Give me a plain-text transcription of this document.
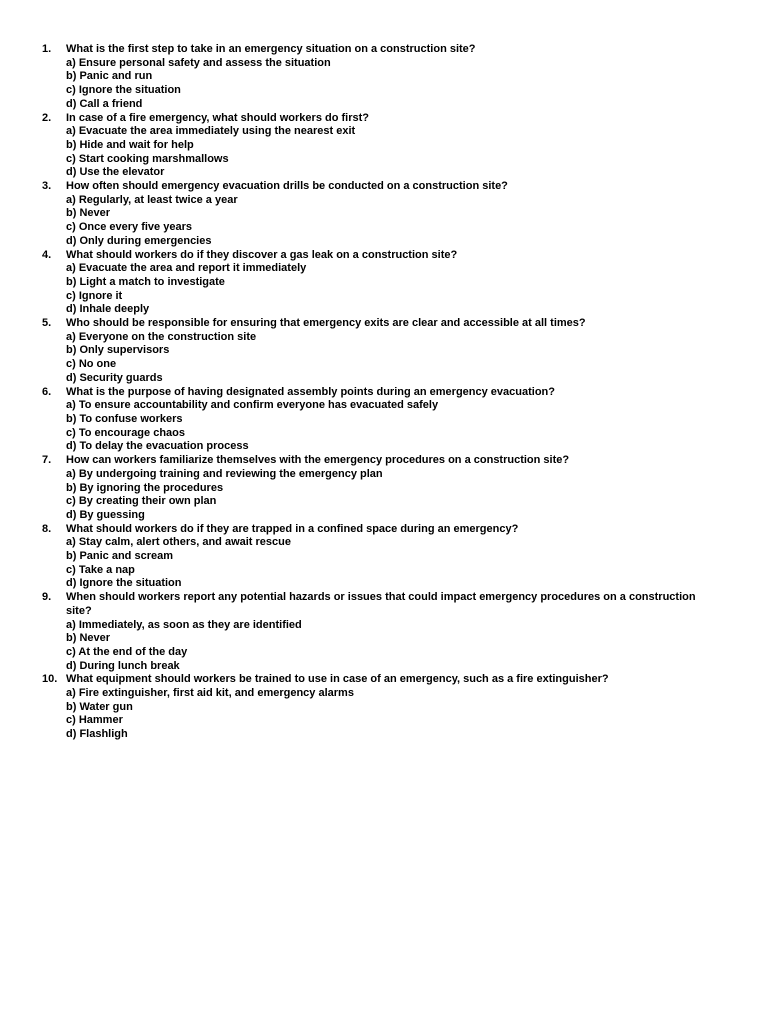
1.	What is the first step to take in an emergency situation on a construction site?
a) Ensure personal safety and assess the situation
b) Panic and run
c) Ignore the situation
d) Call a friend
2.	In case of a fire emergency, what should workers do first?
a) Evacuate the area immediately using the nearest exit
b) Hide and wait for help
c) Start cooking marshmallows
d) Use the elevator
3.	How often should emergency evacuation drills be conducted on a construction site?
a) Regularly, at least twice a year
b) Never
c) Once every five years
d) Only during emergencies
4.	What should workers do if they discover a gas leak on a construction site?
a) Evacuate the area and report it immediately
b) Light a match to investigate
c) Ignore it
d) Inhale deeply
5.	Who should be responsible for ensuring that emergency exits are clear and accessible at all times?
a) Everyone on the construction site
b) Only supervisors
c) No one
d) Security guards
6.	What is the purpose of having designated assembly points during an emergency evacuation?
a) To ensure accountability and confirm everyone has evacuated safely
b) To confuse workers
c) To encourage chaos
d) To delay the evacuation process
7.	How can workers familiarize themselves with the emergency procedures on a construction site?
a) By undergoing training and reviewing the emergency plan
b) By ignoring the procedures
c) By creating their own plan
d) By guessing
8.	What should workers do if they are trapped in a confined space during an emergency?
a) Stay calm, alert others, and await rescue
b) Panic and scream
c) Take a nap
d) Ignore the situation
9.	When should workers report any potential hazards or issues that could impact emergency procedures on a construction site?
a) Immediately, as soon as they are identified
b) Never
c) At the end of the day
d) During lunch break
10. What equipment should workers be trained to use in case of an emergency, such as a fire extinguisher?
a) Fire extinguisher, first aid kit, and emergency alarms
b) Water gun
c) Hammer
d) Flashligh
